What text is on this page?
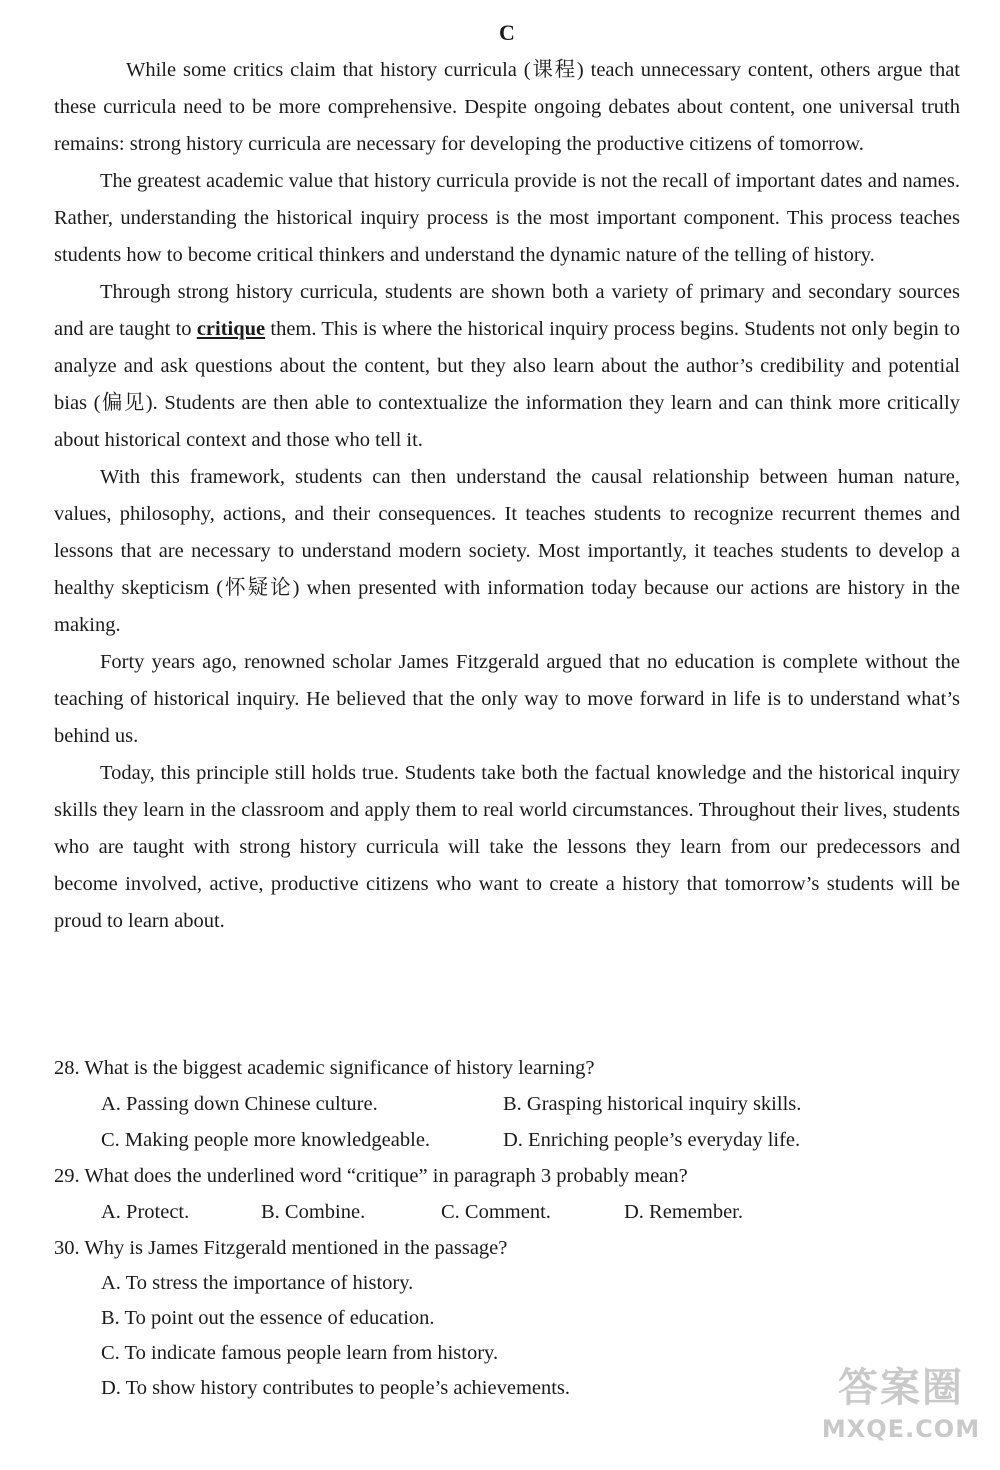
C

While some critics claim that history curricula (课程) teach unnecessary content, others argue that these curricula need to be more comprehensive. Despite ongoing debates about content, one universal truth remains: strong history curricula are necessary for developing the productive citizens of tomorrow.

The greatest academic value that history curricula provide is not the recall of important dates and names. Rather, understanding the historical inquiry process is the most important component. This process teaches students how to become critical thinkers and understand the dynamic nature of the telling of history.

Through strong history curricula, students are shown both a variety of primary and secondary sources and are taught to critique them. This is where the historical inquiry process begins. Students not only begin to analyze and ask questions about the content, but they also learn about the author’s credibility and potential bias (偏见). Students are then able to contextualize the information they learn and can think more critically about historical context and those who tell it.

With this framework, students can then understand the causal relationship between human nature, values, philosophy, actions, and their consequences. It teaches students to recognize recurrent themes and lessons that are necessary to understand modern society. Most importantly, it teaches students to develop a healthy skepticism (怀疑论) when presented with information today because our actions are history in the making.

Forty years ago, renowned scholar James Fitzgerald argued that no education is complete without the teaching of historical inquiry. He believed that the only way to move forward in life is to understand what’s behind us.

Today, this principle still holds true. Students take both the factual knowledge and the historical inquiry skills they learn in the classroom and apply them to real world circumstances. Throughout their lives, students who are taught with strong history curricula will take the lessons they learn from our predecessors and become involved, active, productive citizens who want to create a history that tomorrow’s students will be proud to learn about.

28. What is the biggest academic significance of history learning?

A. Passing down Chinese culture.	B. Grasping historical inquiry skills.
C. Making people more knowledgeable.	D. Enriching people’s everyday life.

29. What does the underlined word “critique” in paragraph 3 probably mean?

A. Protect.	B. Combine.	C. Comment.	D. Remember.

30. Why is James Fitzgerald mentioned in the passage?

A. To stress the importance of history.
B. To point out the essence of education.
C. To indicate famous people learn from history.
D. To show history contributes to people’s achievements.	答案圈
MXQE.COM
